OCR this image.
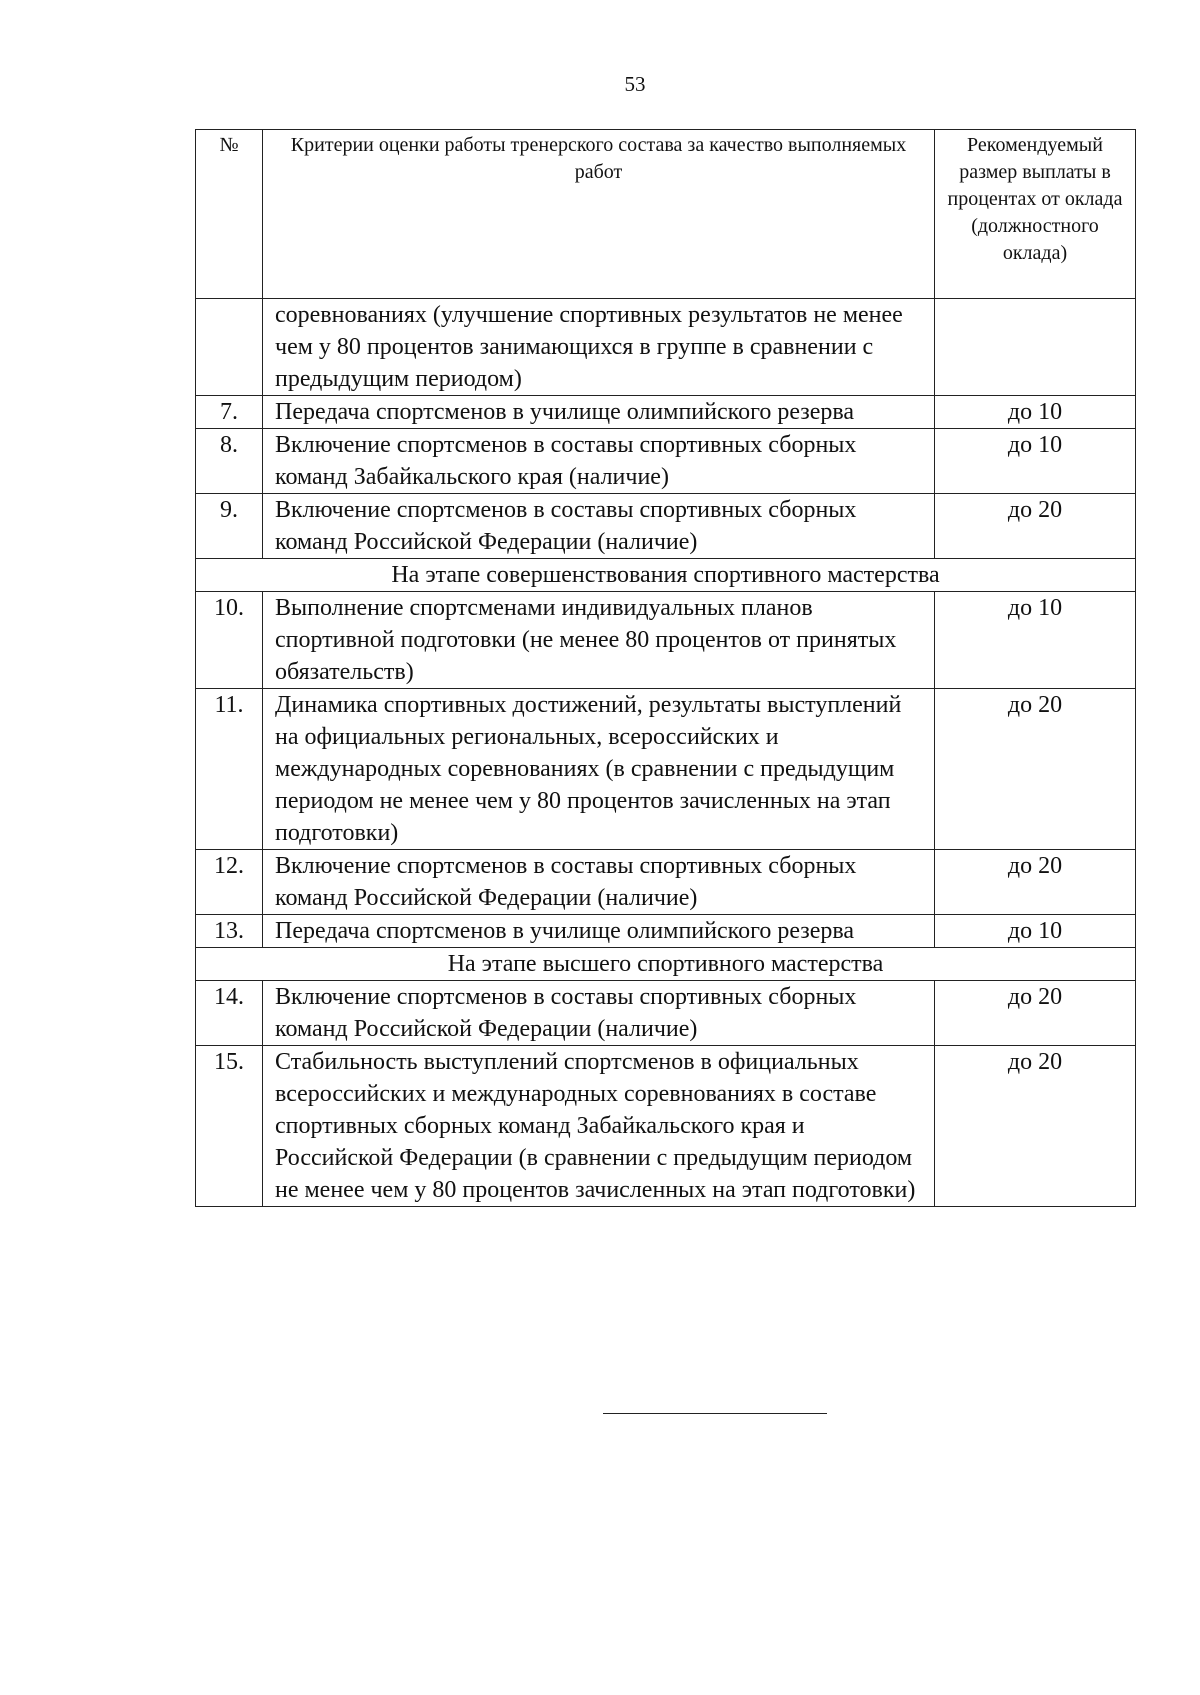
53
№	Критерии оценки работы тренерского состава за качество выполняемых работ	Рекомендуемый размер выплаты в процентах от оклада (должностного оклада)
	соревнованиях (улучшение спортивных результатов не менее чем у 80 процентов занимающихся в группе в сравнении с предыдущим периодом)	
7.	Передача спортсменов в училище олимпийского резерва	до 10
8.	Включение спортсменов в составы спортивных сборных команд Забайкальского края (наличие)	до 10
9.	Включение спортсменов в составы спортивных сборных команд Российской Федерации (наличие)	до 20
На этапе совершенствования спортивного мастерства		
10.	Выполнение спортсменами индивидуальных планов спортивной подготовки (не менее 80 процентов от принятых обязательств)	до 10
11.	Динамика спортивных достижений, результаты выступлений на официальных региональных, всероссийских и международных соревнованиях (в сравнении с предыдущим периодом не менее чем у 80 процентов зачисленных на этап подготовки)	до 20
12.	Включение спортсменов в составы спортивных сборных команд Российской Федерации (наличие)	до 20
13.	Передача спортсменов в училище олимпийского резерва	до 10
На этапе высшего спортивного мастерства		
14.	Включение спортсменов в составы спортивных сборных команд Российской Федерации (наличие)	до 20
15.	Стабильность выступлений спортсменов в официальных всероссийских и международных соревнованиях в составе спортивных сборных команд Забайкальского края и Российской Федерации (в сравнении с предыдущим периодом не менее чем у 80 процентов зачисленных на этап подготовки)	до 20
